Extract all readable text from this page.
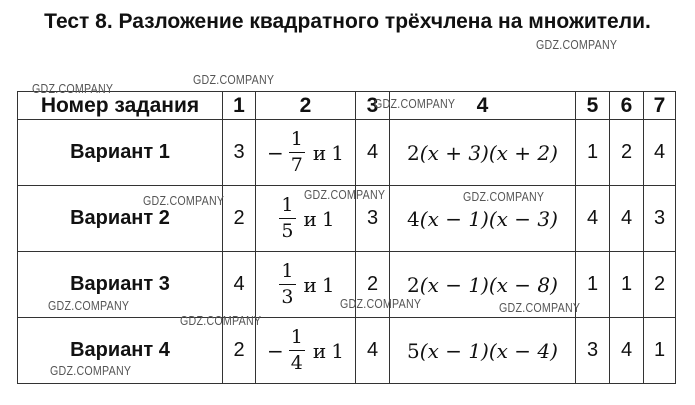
Тест 8. Разложение квадратного трёхчлена на множители.
Номер задания	1	2	3	4	5	6	7
Вариант 1	3	− $\frac{1}{7}$ и 1	4	2(x + 3)(x + 2)	1	2	4
Вариант 2	2	$\frac{1}{5}$ и 1	3	4(x − 1)(x − 3)	4	4	3
Вариант 3	4	$\frac{1}{3}$ и 1	2	2(x − 1)(x − 8)	1	1	2
Вариант 4	2	− $\frac{1}{4}$ и 1	4	5(x − 1)(x − 4)	3	4	1
GDZ.COMPANY
GDZ.COMPANY
GDZ.COMPANY
GDZ.COMPANY
GDZ.COMPANY	GDZ.COMPANY	GDZ.COMPANY
GDZ.COMPANY	GDZ.COMPANY	GDZ.COMPANY
GDZ.COMPANY
GDZ.COMPANY
